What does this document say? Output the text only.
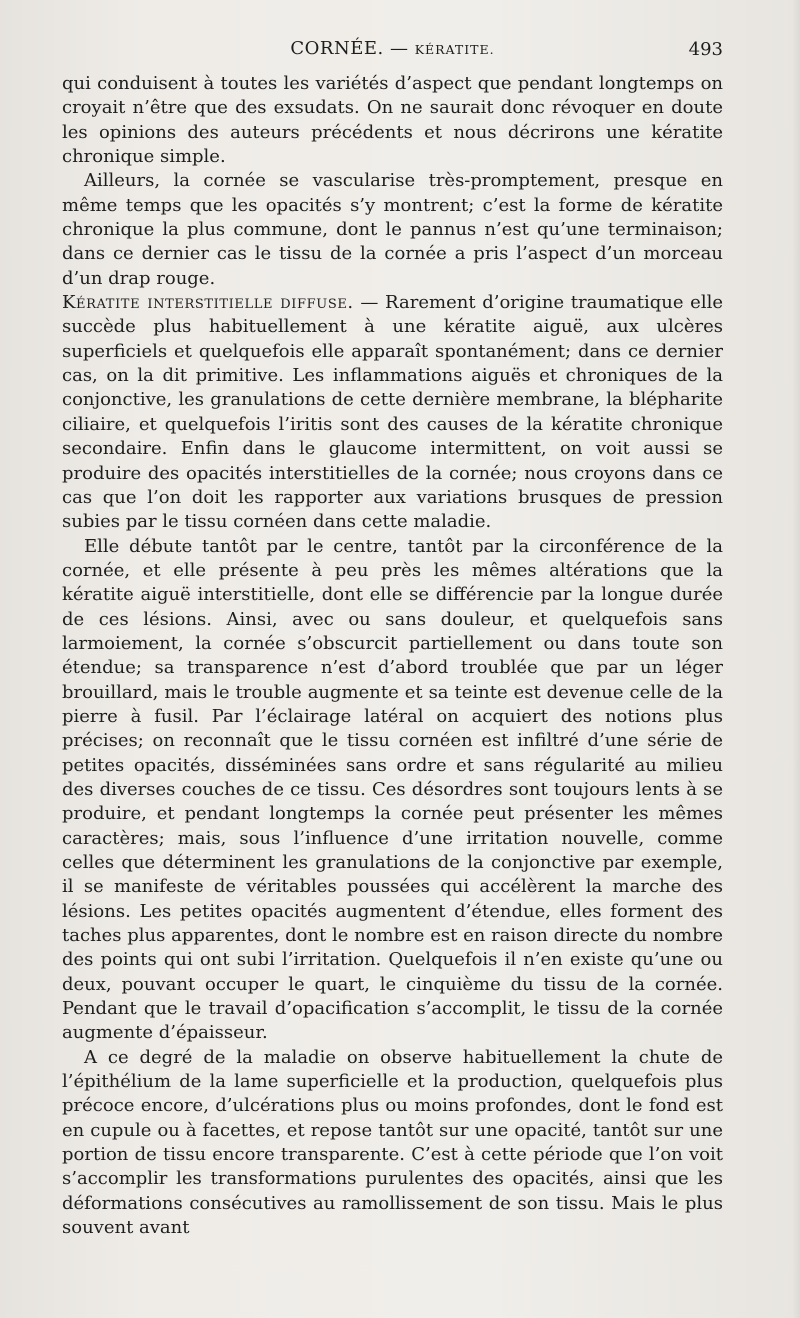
CORNÉE. — KÉRATITE.	493

qui conduisent à toutes les variétés d’aspect que pendant longtemps on croyait n’être que des exsudats. On ne saurait donc révoquer en doute les opinions des auteurs précédents et nous décrirons une kératite chronique simple.

Ailleurs, la cornée se vascularise très-promptement, presque en même temps que les opacités s’y montrent; c’est la forme de kératite chronique la plus commune, dont le pannus n’est qu’une terminaison; dans ce dernier cas le tissu de la cornée a pris l’aspect d’un morceau d’un drap rouge.

Kératite interstitielle diffuse. — Rarement d’origine traumatique elle succède plus habituellement à une kératite aiguë, aux ulcères superficiels et quelquefois elle apparaît spontanément; dans ce dernier cas, on la dit primitive. Les inflammations aiguës et chroniques de la conjonctive, les granulations de cette dernière membrane, la blépharite ciliaire, et quelquefois l’iritis sont des causes de la kératite chronique secondaire. Enfin dans le glaucome intermittent, on voit aussi se produire des opacités interstitielles de la cornée; nous croyons dans ce cas que l’on doit les rapporter aux variations brusques de pression subies par le tissu cornéen dans cette maladie.

Elle débute tantôt par le centre, tantôt par la circonférence de la cornée, et elle présente à peu près les mêmes altérations que la kératite aiguë interstitielle, dont elle se différencie par la longue durée de ces lésions. Ainsi, avec ou sans douleur, et quelquefois sans larmoiement, la cornée s’obscurcit partiellement ou dans toute son étendue; sa transparence n’est d’abord troublée que par un léger brouillard, mais le trouble augmente et sa teinte est devenue celle de la pierre à fusil. Par l’éclairage latéral on acquiert des notions plus précises; on reconnaît que le tissu cornéen est infiltré d’une série de petites opacités, disséminées sans ordre et sans régularité au milieu des diverses couches de ce tissu. Ces désordres sont toujours lents à se produire, et pendant longtemps la cornée peut présenter les mêmes caractères; mais, sous l’influence d’une irritation nouvelle, comme celles que déterminent les granulations de la conjonctive par exemple, il se manifeste de véritables poussées qui accélèrent la marche des lésions. Les petites opacités augmentent d’étendue, elles forment des taches plus apparentes, dont le nombre est en raison directe du nombre des points qui ont subi l’irritation. Quelquefois il n’en existe qu’une ou deux, pouvant occuper le quart, le cinquième du tissu de la cornée. Pendant que le travail d’opacification s’accomplit, le tissu de la cornée augmente d’épaisseur.

A ce degré de la maladie on observe habituellement la chute de l’épithélium de la lame superficielle et la production, quelquefois plus précoce encore, d’ulcérations plus ou moins profondes, dont le fond est en cupule ou à facettes, et repose tantôt sur une opacité, tantôt sur une portion de tissu encore transparente. C’est à cette période que l’on voit s’accomplir les transformations purulentes des opacités, ainsi que les déformations consécutives au ramollissement de son tissu. Mais le plus souvent avant
